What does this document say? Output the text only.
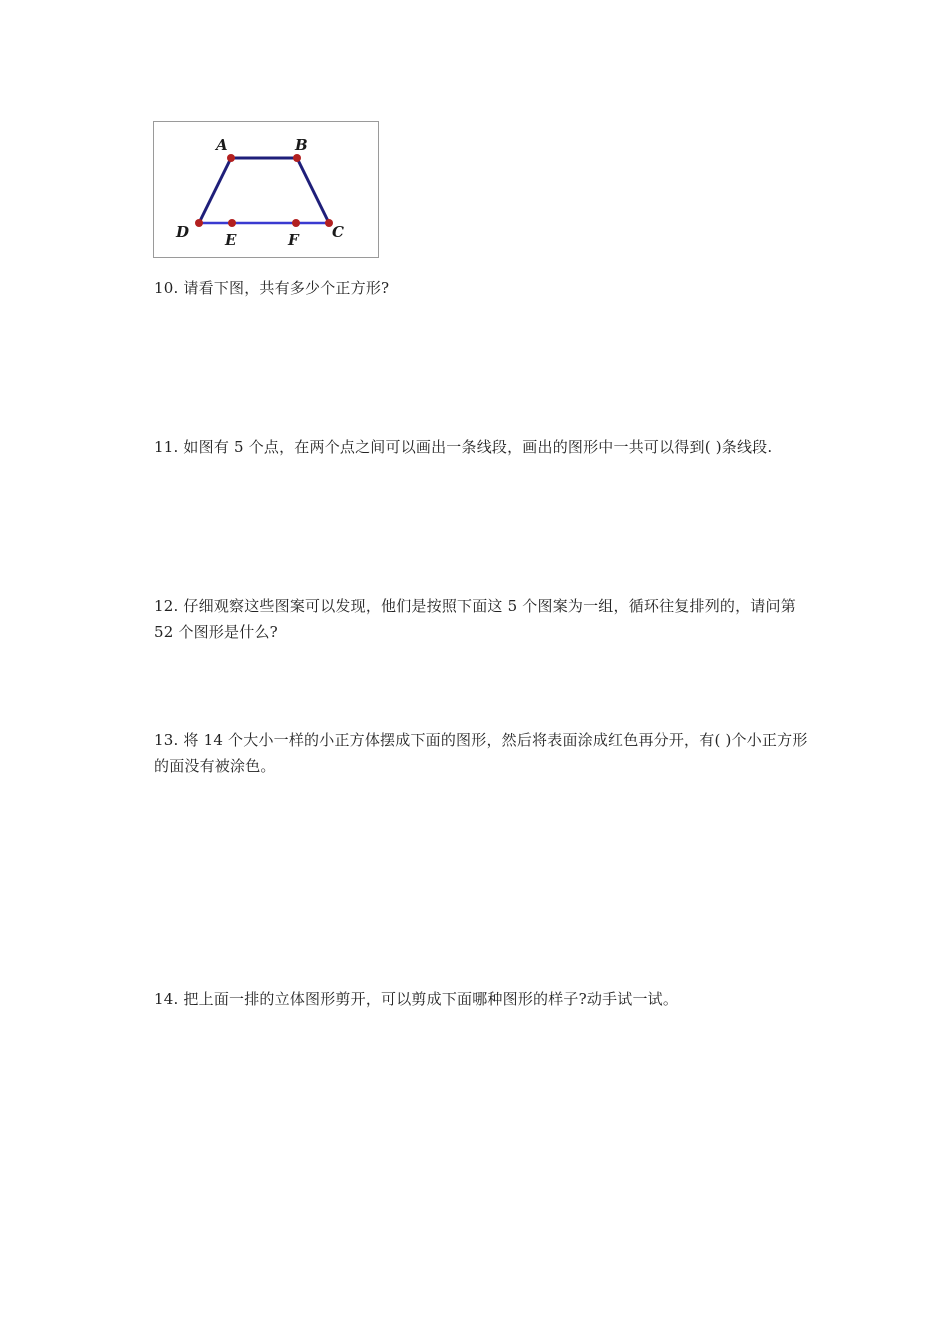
A	B
D E	F C

10. 请看下图，共有多少个正方形?

11. 如图有 5 个点，在两个点之间可以画出一条线段，画出的图形中一共可以得到( )条线段.

12. 仔细观察这些图案可以发现，他们是按照下面这 5 个图案为一组，循环往复排列的，请问第 52 个图形是什么?

13. 将 14 个大小一样的小正方体摆成下面的图形，然后将表面涂成红色再分开，有( )个小正方形的面没有被涂色。

14. 把上面一排的立体图形剪开，可以剪成下面哪种图形的样子?动手试一试。
